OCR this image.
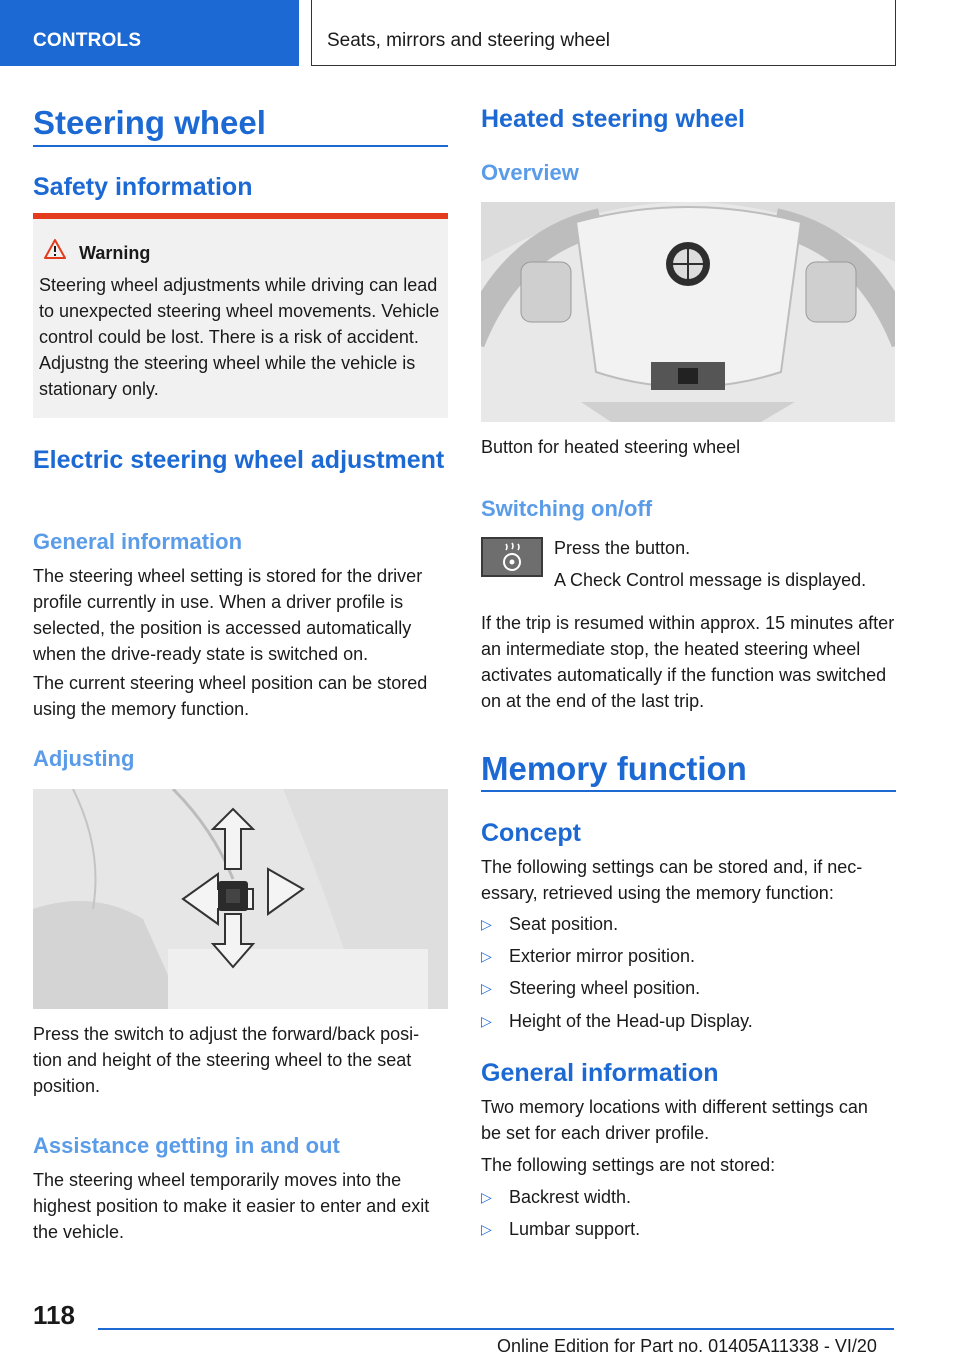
CONTROLS	Seats, mirrors and steering wheel
Steering wheel
Safety information
Warning
Steering wheel adjustments while driving can lead to unexpected steering wheel movements. Vehicle control could be lost. There is a risk of accident. Adjustng the steering wheel while the vehicle is stationary only.
Electric steering wheel adjustment
General information
The steering wheel setting is stored for the driver profile currently in use. When a driver profile is selected, the position is accessed automatically when the drive-ready state is switched on.
The current steering wheel position can be stored using the memory function.
Adjusting
Press the switch to adjust the forward/back posi‐tion and height of the steering wheel to the seat position.
Assistance getting in and out
The steering wheel temporarily moves into the highest position to make it easier to enter and exit the vehicle.
Heated steering wheel
Overview
Button for heated steering wheel
Switching on/off
Press the button.
A Check Control message is displayed.
If the trip is resumed within approx. 15 minutes after an intermediate stop, the heated steering wheel activates automatically if the function was switched on at the end of the last trip.
Memory function
Concept
The following settings can be stored and, if nec‐essary, retrieved using the memory function:
▷ Seat position.
▷ Exterior mirror position.
▷ Steering wheel position.
▷ Height of the Head-up Display.
General information
Two memory locations with different settings can be set for each driver profile.
The following settings are not stored:
▷ Backrest width.
▷ Lumbar support.
118
Online Edition for Part no. 01405A11338 - VI/20
